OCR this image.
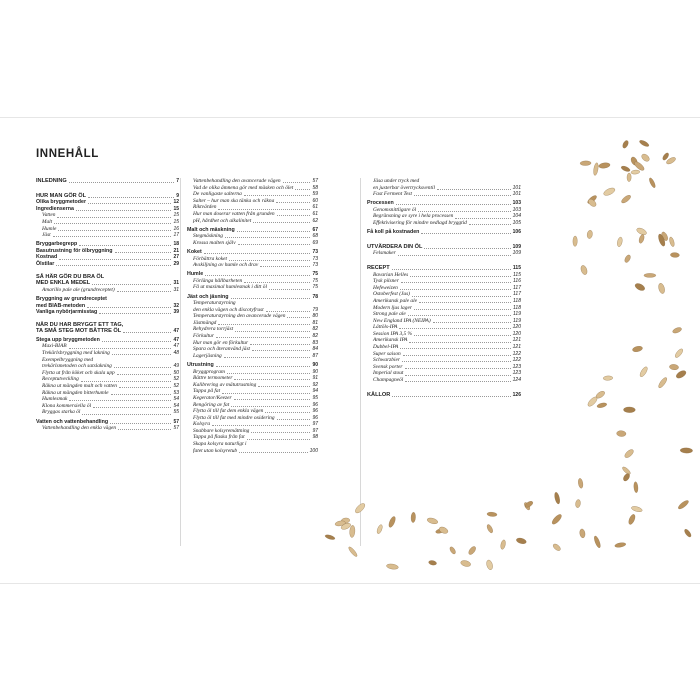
INNEHÅLL
INLEDNING	7
HUR MAN GÖR ÖL	9
Olika bryggmetoder	12
Ingredienserna	15
Vatten	15
Malt	15
Humle	16
Jäst	17
Bryggarbegrepp	18
Basutrustning för ölbryggning	21
Kostnad	27
Ölstilar	29
SÅ HÄR GÖR DU BRA ÖL
MED ENKLA MEDEL	31
Amarillo pale ale (grundreceptet)	31
Bryggning av grundreceptet
med BIAB-metoden	32
Vanliga nybörjarmisstag	39
NÄR DU HAR BRYGGT ETT TAG,
TA SMÅ STEG MOT BÄTTRE ÖL	47
Stega upp bryggmetoden	47
Maxi-BIAB	47
Trekärlsbryggning med lakning	48
Exempelbryggning med
trekärlsmetoden och satslakning	49
Flytta ut från köket och skala upp	50
Receptutveckling	52
Räkna ut mängden malt och vatten	52
Räkna ut mängden bitterhumle	53
Humlesmak	54
Klona kommersiella öl	54
Bryggas starka öl	55
Vatten och vattenbehandling	57
Vattenbehandling den enkla vägen	57
Vattenbehandling den avancerade vägen	57
Vad de olika ämnena gör med mäsken och ölet	58
De vanligaste salterna	59
Salter – hur man ska tänka och räkna	60
Riktvärden	61
Hur man doserar vatten från grunden	61
pH, hårdhet och alkalinitet	62
Malt och mäskning	67
Stegmäskning	68
Krossa malten själv	69
Koket	73
Förbättra koket	73
Avskiljning av humle och drav	73
Humle	75
Förlänga hållbarheten	75
Få ut maximal humlesmak i ditt öl	75
Jäst och jäsning	78
Temperaturstyrning
den enkla vägen och discotyfrust	79
Temperaturstyrning den avancerade vägen	80
Jästmängd	81
Rehydrera torrjäst	82
Förkultur	82
Hur man gör en förkultur	83
Spara och återanvänd jäst	84
Lagerjäsning	87
Utrustning	90
Bryggprogram	90
Bättre termometer	91
Kalibrering av mätutrustning	92
Tappa på fat	94
Kegerator/Keezer	95
Rengöring av fat	96
Flytta öl till fat dem enkla vägen	96
Flytta öl till fat med mindre oxidering	96
Kolsyra	97
Snabbare kolsyremättning	97
Tappa på flaska från fat	98
Skapa kolsyra naturligt i
fatet utan kolsyretub	100
Jäsa under tryck med
en justerbar övertrycksventil	101
Fast Ferment Test	101
Processen	103
Genomsnittligare öl	103
Begränsning av syre i hela processen	104
Effektivisering för mindre nedlagd bryggtid	105
Få koll på kostnaden	106
UTVÄRDERA DIN ÖL	109
Felsmaker	109
RECEPT	115
Bavarian Helles	115
Tysk pilsner	116
Hefeweizen	117
Ostoberfest (Jus)	117
Amerikansk pale ale	118
Modern ljus lager	118
Strong pale ale	119
New England IPA (NEIPA)	119
Lättöls-IPA	120
Session IPA 3,5 %	120
Amerikansk IPA	121
Dubbel-IPA	121
Super saison	122
Schwarzbier	122
Svensk porter	123
Imperial stout	123
Champagneöl	124
KÄLLOR	126
